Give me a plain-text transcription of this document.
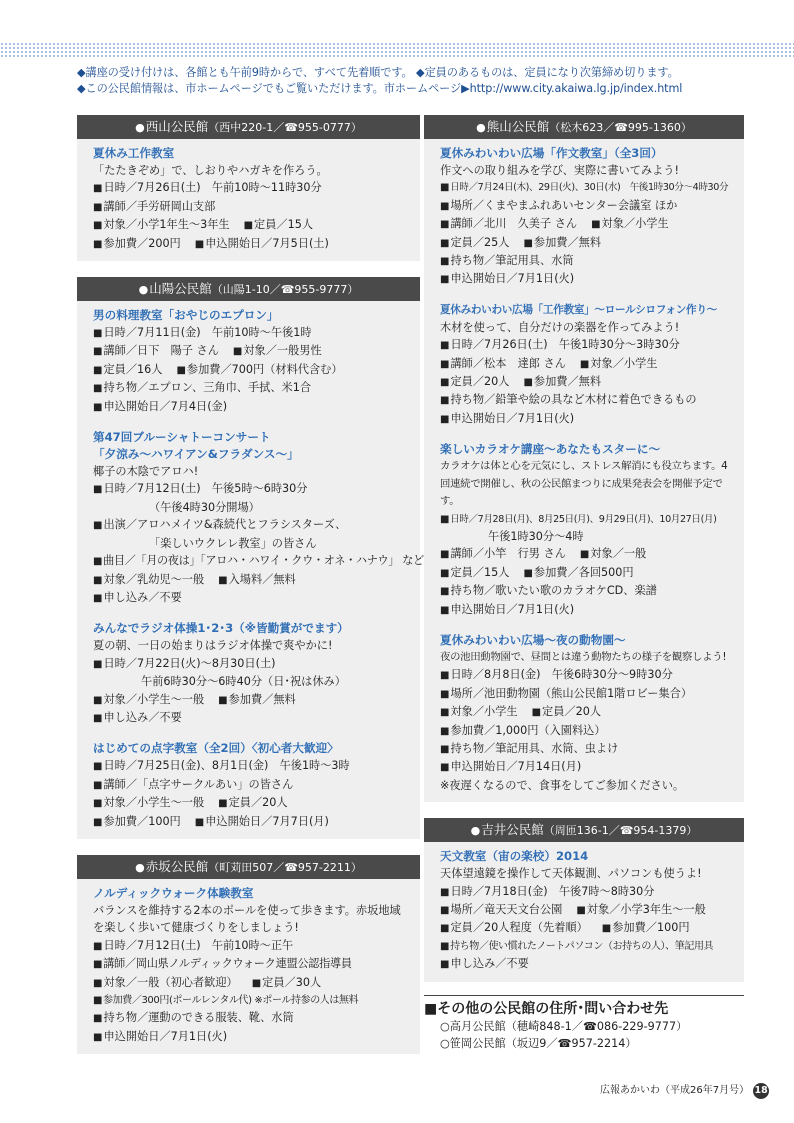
◆講座の受け付けは、各館とも午前9時からで、すべて先着順です。 ◆定員のあるものは、定員になり次第締め切ります。
◆この公民館情報は、市ホームページでもご覧いただけます。市ホームページ▶http://www.city.akaiwa.lg.jp/index.html
●西山公民館（西中220-1／☎955-0777）
夏休み工作教室
「たたきぞめ」で、しおりやハガキを作ろう。
■日時／7月26日(土)　午前10時～11時30分
■講師／手労研岡山支部
■対象／小学1年生～3年生 ■定員／15人
■参加費／200円 ■申込開始日／7月5日(土)
●山陽公民館（山陽1-10／☎955-9777）
男の料理教室「おやじのエプロン」
■日時／7月11日(金)　午前10時～午後1時
■講師／日下　陽子 さん ■対象／一般男性
■定員／16人 ■参加費／700円（材料代含む）
■持ち物／エプロン、三角巾、手拭、米1合
■申込開始日／7月4日(金)
第47回ブルーシャトーコンサート
「夕涼み～ハワイアン&フラダンス～」
椰子の木陰でアロハ!
■日時／7月12日(土)　午後5時～6時30分
（午後4時30分開場）
■出演／アロハメイツ&森続代とフラシスターズ、
「楽しいウクレレ教室」の皆さん
■曲目／「月の夜は」「アロハ・ハワイ・クウ・オネ・ハナウ」 など
■対象／乳幼児～一般 ■入場料／無料
■申し込み／不要
みんなでラジオ体操1･2･3（※皆勤賞がでます）
夏の朝、一日の始まりはラジオ体操で爽やかに!
■日時／7月22日(火)～8月30日(土)
午前6時30分～6時40分（日･祝は休み）
■対象／小学生～一般 ■参加費／無料
■申し込み／不要
はじめての点字教室（全2回）〈初心者大歓迎〉
■日時／7月25日(金)、8月1日(金)　午後1時～3時
■講師／「点字サークルあい」の皆さん
■対象／小学生～一般 ■定員／20人
■参加費／100円 ■申込開始日／7月7日(月)
●赤坂公民館（町苅田507／☎957-2211）
ノルディックウォーク体験教室
バランスを維持する2本のポールを使って歩きます。赤坂地域を楽しく歩いて健康づくりをしましょう!
■日時／7月12日(土)　午前10時～正午
■講師／岡山県ノルディックウォーク連盟公認指導員
■対象／一般（初心者歓迎） ■定員／30人
■参加費／300円(ポールレンタル代) ※ポール持参の人は無料
■持ち物／運動のできる服装、靴、水筒
■申込開始日／7月1日(火)
●熊山公民館（松木623／☎995-1360）
夏休みわいわい広場「作文教室」（全3回）
作文への取り組みを学び、実際に書いてみよう!
■日時／7月24日(木)、29日(火)、30日(水)　午後1時30分～4時30分
■場所／くまやまふれあいセンター会議室 ほか
■講師／北川　久美子 さん ■対象／小学生
■定員／25人 ■参加費／無料
■持ち物／筆記用具、水筒
■申込開始日／7月1日(火)
夏休みわいわい広場「工作教室」～ロールシロフォン作り～
木材を使って、自分だけの楽器を作ってみよう!
■日時／7月26日(土)　午後1時30分～3時30分
■講師／松本　達郎 さん ■対象／小学生
■定員／20人 ■参加費／無料
■持ち物／鉛筆や絵の具など木材に着色できるもの
■申込開始日／7月1日(火)
楽しいカラオケ講座～あなたもスターに～
カラオケは体と心を元気にし、ストレス解消にも役立ちます。4回連続で開催し、秋の公民館まつりに成果発表会を開催予定です。
■日時／7月28日(月)、8月25日(月)、9月29日(月)、10月27日(月)
午後1時30分～4時
■講師／小竿　行男 さん ■対象／一般
■定員／15人 ■参加費／各回500円
■持ち物／歌いたい歌のカラオケCD、楽譜
■申込開始日／7月1日(火)
夏休みわいわい広場～夜の動物園～
夜の池田動物園で、昼間とは違う動物たちの様子を観察しよう!
■日時／8月8日(金)　午後6時30分～9時30分
■場所／池田動物園（熊山公民館1階ロビー集合）
■対象／小学生 ■定員／20人
■参加費／1,000円（入園料込）
■持ち物／筆記用具、水筒、虫よけ
■申込開始日／7月14日(月)
※夜遅くなるので、食事をしてご参加ください。
●吉井公民館（周匝136-1／☎954-1379）
天文教室（宙の楽校）2014
天体望遠鏡を操作して天体観測、パソコンも使うよ!
■日時／7月18日(金)　午後7時～8時30分
■場所／竜天天文台公園 ■対象／小学3年生～一般
■定員／20人程度（先着順） ■参加費／100円
■持ち物／使い慣れたノートパソコン（お持ちの人）、筆記用具
■申し込み／不要
■その他の公民館の住所･問い合わせ先
○高月公民館（穂崎848-1／☎086-229-9777）
○笹岡公民館（坂辺9／☎957-2214）
広報あかいわ（平成26年7月号） 18
